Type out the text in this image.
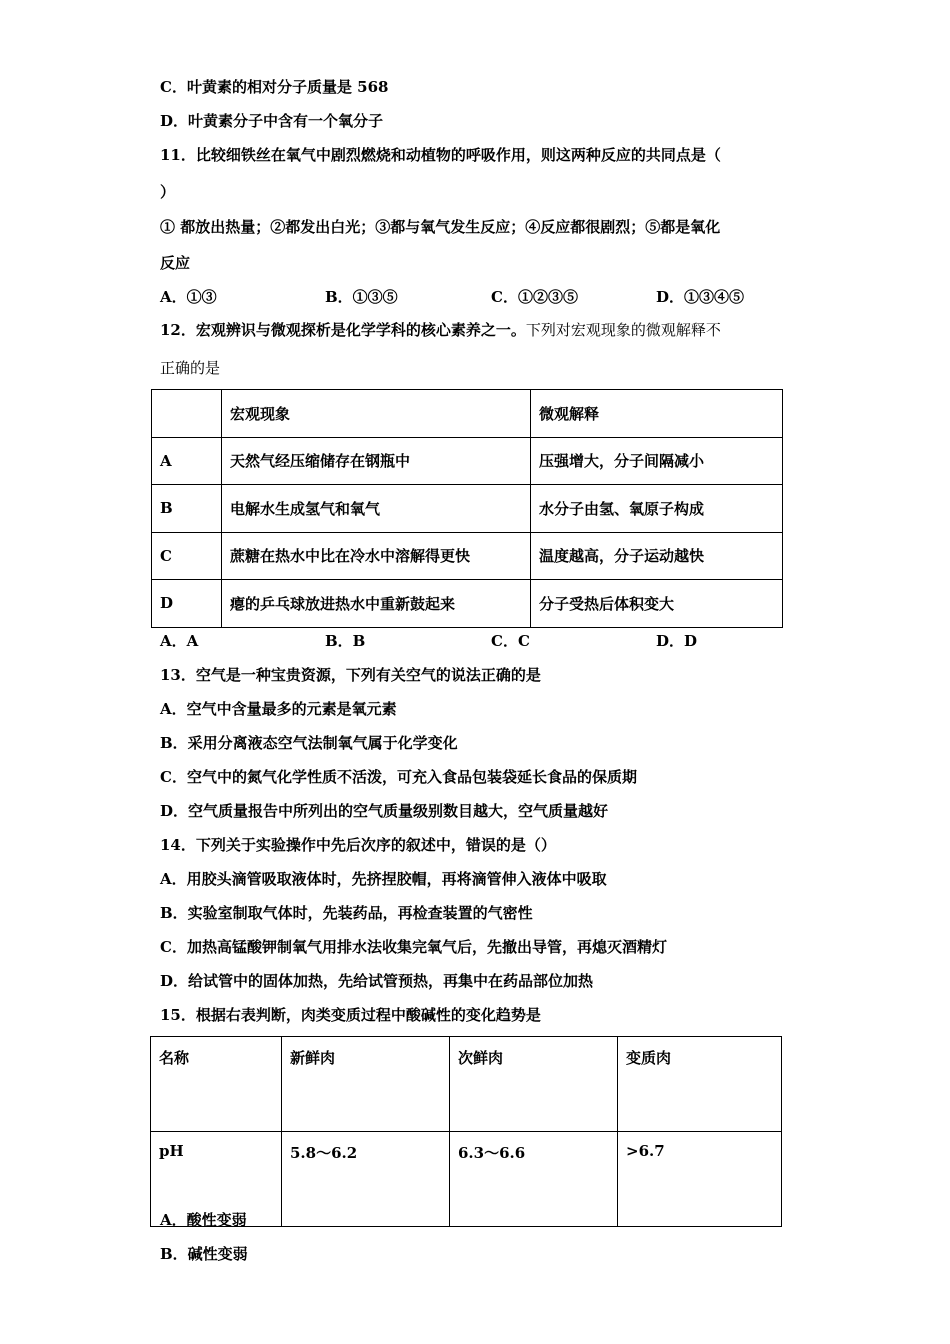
C．叶黄素的相对分子质量是 568
D．叶黄素分子中含有一个氧分子
11．比较细铁丝在氧气中剧烈燃烧和动植物的呼吸作用，则这两种反应的共同点是（
）
① 都放出热量；②都发出白光；③都与氧气发生反应；④反应都很剧烈；⑤都是氧化
反应
A．①③	B．①③⑤	C．①②③⑤	D．①③④⑤
12．宏观辨识与微观探析是化学学科的核心素养之一。下列对宏观现象的微观解释不
正确的是
	宏观现象	微观解释
A	天然气经压缩储存在钢瓶中	压强增大，分子间隔减小
B	电解水生成氢气和氧气	水分子由氢、氧原子构成
C	蔗糖在热水中比在冷水中溶解得更快	温度越高，分子运动越快
D	瘪的乒乓球放进热水中重新鼓起来	分子受热后体积变大
A．A	B．B	C．C	D．D
13．空气是一种宝贵资源，下列有关空气的说法正确的是
A．空气中含量最多的元素是氧元素
B．采用分离液态空气法制氧气属于化学变化
C．空气中的氮气化学性质不活泼，可充入食品包装袋延长食品的保质期
D．空气质量报告中所列出的空气质量级别数目越大，空气质量越好
14．下列关于实验操作中先后次序的叙述中，错误的是（）
A．用胶头滴管吸取液体时，先挤捏胶帽，再将滴管伸入液体中吸取
B．实验室制取气体时，先装药品，再检查装置的气密性
C．加热高锰酸钾制氧气用排水法收集完氧气后，先撤出导管，再熄灭酒精灯
D．给试管中的固体加热，先给试管预热，再集中在药品部位加热
15．根据右表判断，肉类变质过程中酸碱性的变化趋势是
名称	新鲜肉	次鲜肉	变质肉
pH	5.8～6.2	6.3～6.6	>6.7
A．酸性变弱
B．碱性变弱
